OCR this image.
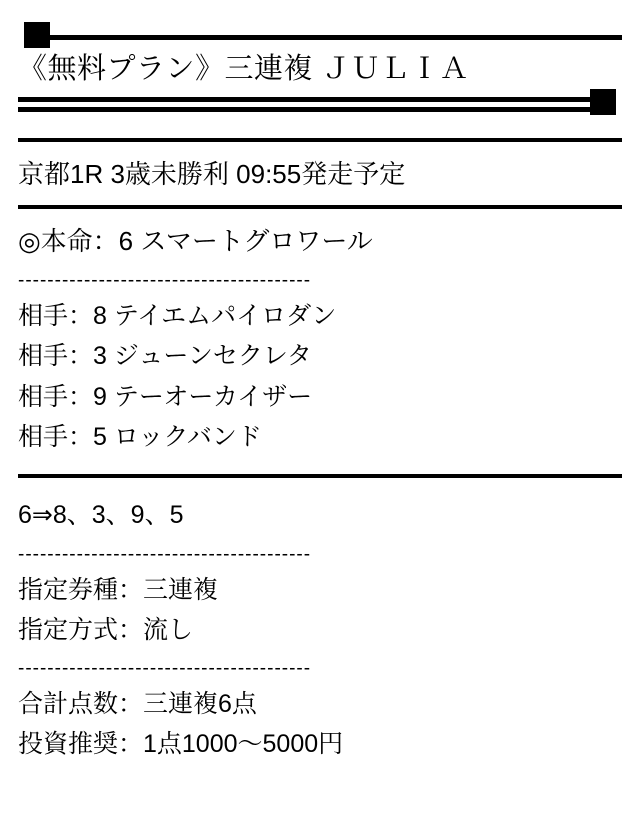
《無料プラン》三連複 ＪＵＬＩＡ
京都1R 3歳未勝利 09:55発走予定
◎本命：6 スマートグロワール
----------------------------------------
相手：8 テイエムパイロダン
相手：3 ジューンセクレタ
相手：9 テーオーカイザー
相手：5 ロックバンド
6⇒8、3、9、5
----------------------------------------
指定券種：三連複
指定方式：流し
----------------------------------------
合計点数：三連複6点
投資推奨：1点1000〜5000円
